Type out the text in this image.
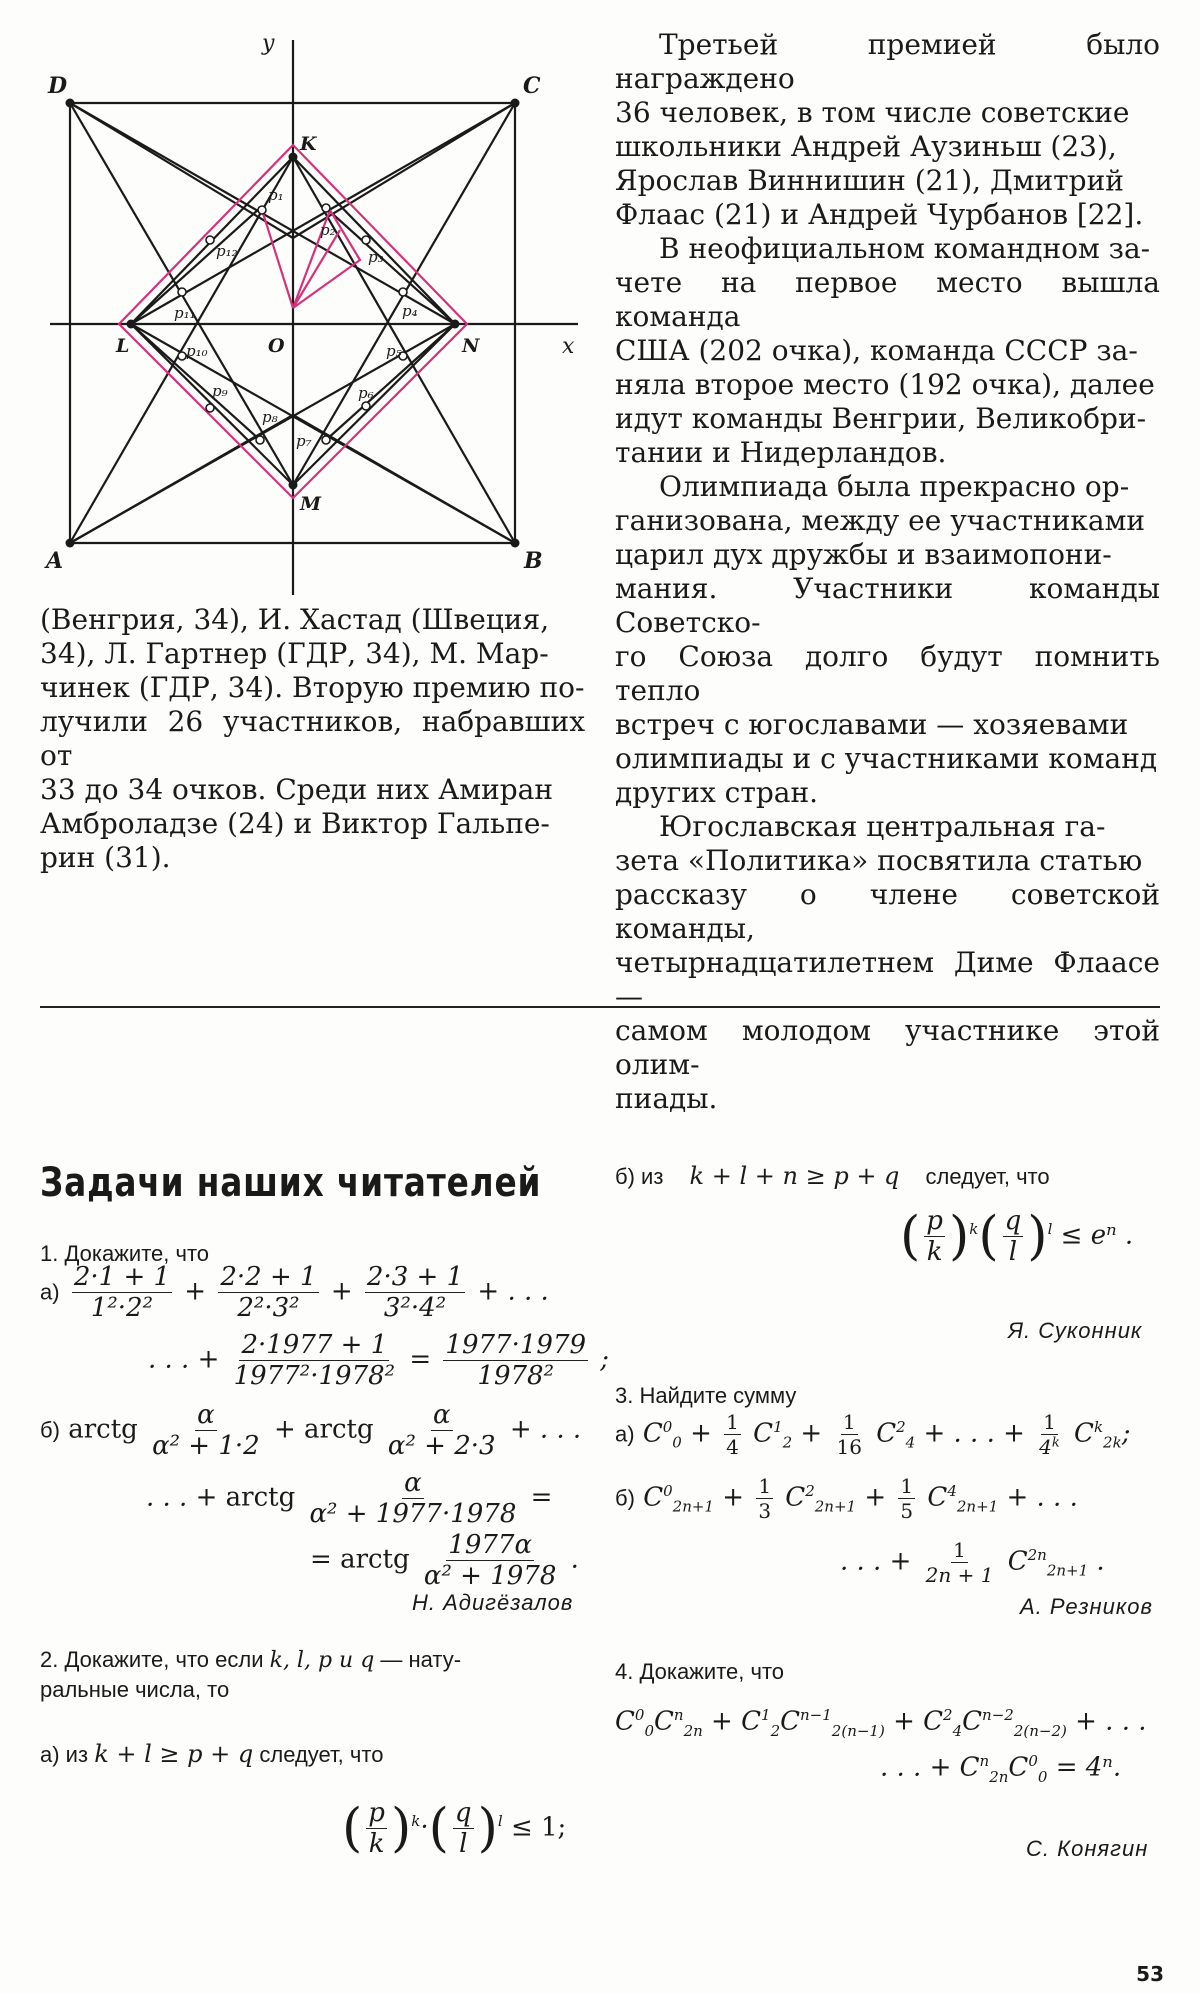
y
x
D	C
A	B
K
L
M
N
O
p₁
p₂
p₃
p₄
p₅
p₆
p₇
p₈
p₉
p₁₀
p₁₁
p₁₂

(Венгрия, 34), И. Хастад (Швеция,

34), Л. Гартнер (ГДР, 34), М. Мар-

чинек (ГДР, 34). Вторую премию по-

лучили 26 участников, набравших от

33 до 34 очков. Среди них Амиран

Амброладзе (24) и Виктор Гальпе-

рин (31).

Третьей премией было награждено

36 человек, в том числе советские

школьники Андрей Аузиньш (23),

Ярослав Виннишин (21), Дмитрий

Флаас (21) и Андрей Чурбанов [22].

В неофициальном командном за-

чете на первое место вышла команда

США (202 очка), команда СССР за-

няла второе место (192 очка), далее

идут команды Венгрии, Великобри-

тании и Нидерландов.

Олимпиада была прекрасно ор-

ганизована, между ее участниками

царил дух дружбы и взаимопони-

мания. Участники команды Советско-

го Союза долго будут помнить тепло

встреч с югославами — хозяевами

олимпиады и с участниками команд

других стран.

Югославская центральная га-

зета «Политика» посвятила статью

рассказу о члене советской команды,

четырнадцатилетнем Диме Флаасе —

самом молодом участнике этой олим-

пиады.

Задачи наших читателей
1. Докажите, что
$а) \frac{2\cdot 1 + 1}{\text{1²·2²}} + \frac{2\cdot 2 + 1}{\text{2²·3²}} + \frac{2\cdot 3 + 1}{\text{3²·4²}}$ + . . .
. . . + $\frac{2\cdot 1977 + 1}{\text{1977²·1978²}} = \frac{1977\cdot 1979}{\text{1978²}}$ ;
б) arctg $\frac{\alpha}{\text{α² + 1·2}}$ + arctg $\frac{\alpha}{\text{α² + 2·3}}$ + . . .
. . . + arctg $\frac{\alpha}{\text{α² + 1977·1978}}$ =
= arctg $\frac{1977\alpha}{\text{α² + 1978}}$ .
Н. Адигёзалов
2. Докажите, что если k, l, p и q — нату-
ральные числа, то
а) из k + l ≥ p + q следует, что
( $\frac{p}{k} )^k\cdot( \frac{q}{l} )^l \le 1$;
б) из k + l + n ≥ p + q следует, что
( $\frac{p}{k} )^k( \frac{q}{l} )^l \le e^n$ .
Я. Суконник
3. Найдите сумму
а) $C^0_0 + \frac{1}{4} C^1_2 + \frac{1}{16} C^2_4$ + . . . + $\frac{1}{4^k} C^k_{2k}$;
б) $C^0_{2n+1} + \frac{1}{3} C^2_{2n+1} + \frac{1}{5} C^4_{2n+1}$ + . . .
. . . + $\frac{1}{2n + 1} C^{2n}_{2n+1}$ .
А. Резников
4. Докажите, что
$C^0_0C^n_{2n} + C^1_2C^{n-1}_{2(n-1)} + C^2_4C^{n-2}_{2(n-2)}$ + . . .
. . . + $C^n_{2n}C^0_0 = 4^n$.
С. Конягин
53
